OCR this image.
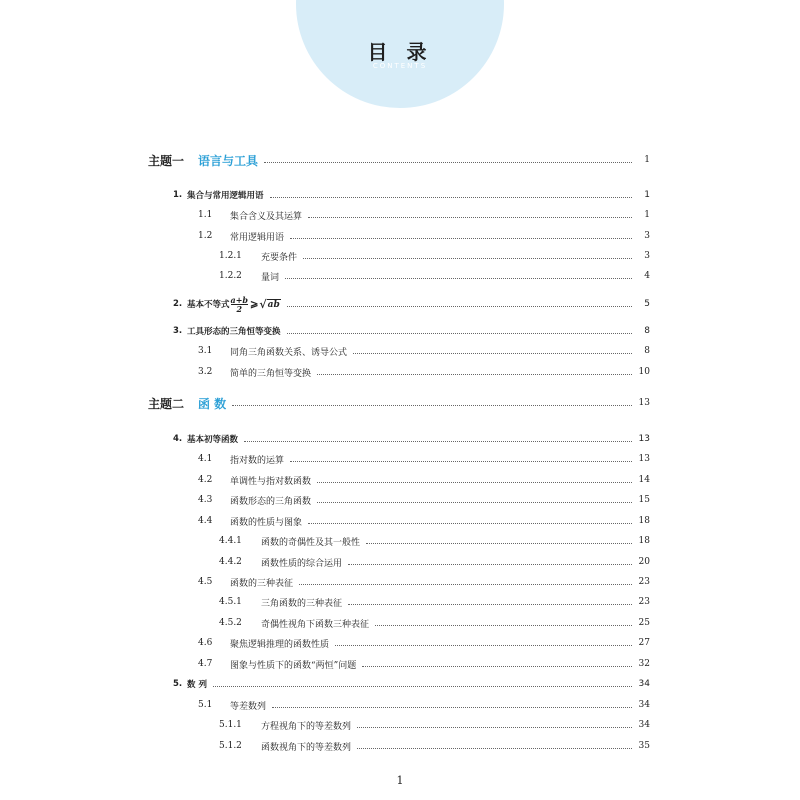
目 录
CONTENTS
主题一	语言与工具	1
1. 集合与常用逻辑用语	1
1.1	集合含义及其运算	1
1.2	常用逻辑用语	3
1.2.1	充要条件	3
1.2.2	量词	4
2. 基本不等式 $\frac{a+b}{2}$ ⩾ √ ab	5
3. 工具形态的三角恒等变换	8
3.1	同角三角函数关系、诱导公式	8
3.2	简单的三角恒等变换	10
主题二	函 数	13
4. 基本初等函数	13
4.1	指对数的运算	13
4.2	单调性与指对数函数	14
4.3	函数形态的三角函数	15
4.4	函数的性质与图象	18
4.4.1	函数的奇偶性及其一般性	18
4.4.2	函数性质的综合运用	20
4.5	函数的三种表征	23
4.5.1	三角函数的三种表征	23
4.5.2	奇偶性视角下函数三种表征	25
4.6	聚焦逻辑推理的函数性质	27
4.7	图象与性质下的函数“两恒”问题	32
5. 数 列	34
5.1	等差数列	34
5.1.1	方程视角下的等差数列	34
5.1.2	函数视角下的等差数列	35
1
